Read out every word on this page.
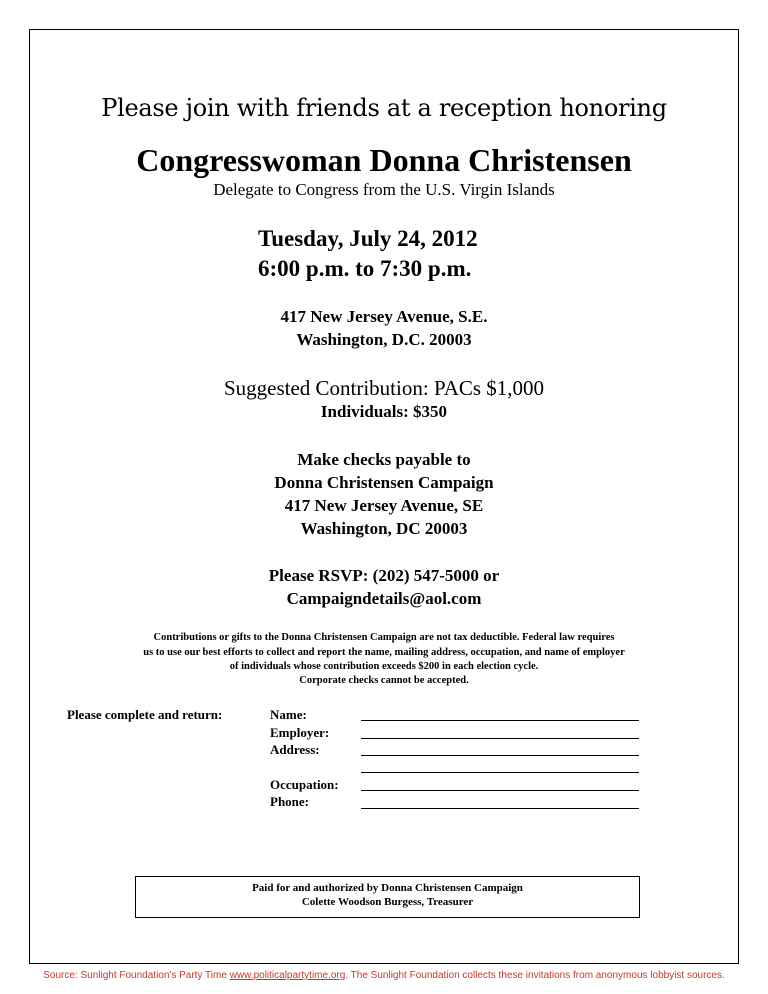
Please join with friends at a reception honoring
Congresswoman Donna Christensen
Delegate to Congress from the U.S. Virgin Islands
Tuesday, July 24, 2012
6:00 p.m. to 7:30 p.m.
417 New Jersey Avenue, S.E.
Washington, D.C. 20003
Suggested Contribution: PACs $1,000
Individuals: $350
Make checks payable to
Donna Christensen Campaign
417 New Jersey Avenue, SE
Washington, DC 20003
Please RSVP: (202) 547-5000 or
Campaigndetails@aol.com
Contributions or gifts to the Donna Christensen Campaign are not tax deductible. Federal law requires
us to use our best efforts to collect and report the name, mailing address, occupation, and name of employer
of individuals whose contribution exceeds $200 in each election cycle.
Corporate checks cannot be accepted.
Please complete and return:	Name:
Employer:
Address:
Occupation:
Phone:
Paid for and authorized by Donna Christensen Campaign
Colette Woodson Burgess, Treasurer
Source: Sunlight Foundation's Party Time www.politicalpartytime.org. The Sunlight Foundation collects these invitations from anonymous lobbyist sources.
